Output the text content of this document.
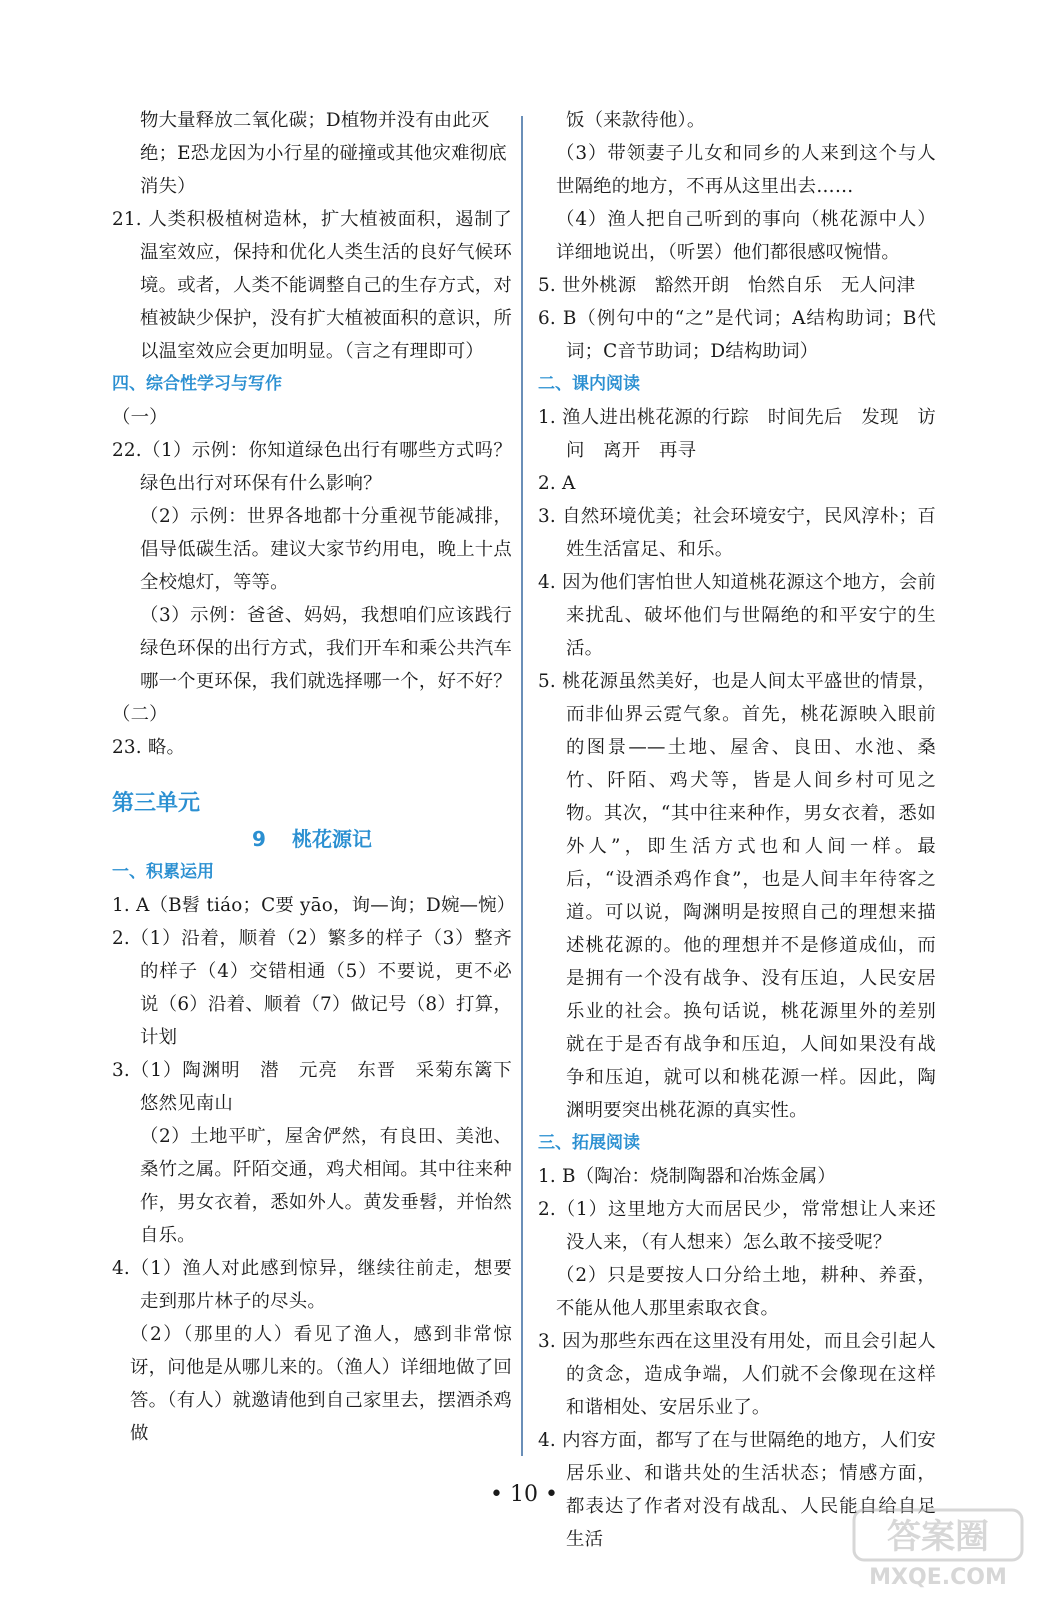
物大量释放二氧化碳；D植物并没有由此灭
绝；E恐龙因为小行星的碰撞或其他灾难彻底
消失）
21. 人类积极植树造林，扩大植被面积，遏制了温室效应，保持和优化人类生活的良好气候环境。或者，人类不能调整自己的生存方式，对植被缺少保护，没有扩大植被面积的意识，所以温室效应会更加明显。（言之有理即可）
四、综合性学习与写作
（一）
22.（1）示例：你知道绿色出行有哪些方式吗？绿色出行对环保有什么影响？
（2）示例：世界各地都十分重视节能减排，倡导低碳生活。建议大家节约用电，晚上十点全校熄灯，等等。
（3）示例：爸爸、妈妈，我想咱们应该践行绿色环保的出行方式，我们开车和乘公共汽车哪一个更环保，我们就选择哪一个，好不好？
（二）
23. 略。
第三单元
9 桃花源记
一、积累运用
1. A（B髫 tiáo；C要 yāo，询—询；D婉—惋）
2.（1）沿着，顺着（2）繁多的样子（3）整齐的样子（4）交错相通（5）不要说，更不必说（6）沿着、顺着（7）做记号（8）打算，计划
3.（1）陶渊明　潜　元亮　东晋　采菊东篱下　悠然见南山
（2）土地平旷，屋舍俨然，有良田、美池、桑竹之属。阡陌交通，鸡犬相闻。其中往来种作，男女衣着，悉如外人。黄发垂髫，并怡然自乐。
4.（1）渔人对此感到惊异，继续往前走，想要走到那片林子的尽头。
（2）（那里的人）看见了渔人，感到非常惊讶，问他是从哪儿来的。（渔人）详细地做了回答。（有人）就邀请他到自己家里去，摆酒杀鸡做
饭（来款待他）。
（3）带领妻子儿女和同乡的人来到这个与人世隔绝的地方，不再从这里出去……
（4）渔人把自己听到的事向（桃花源中人）详细地说出，（听罢）他们都很感叹惋惜。
5. 世外桃源　豁然开朗　怡然自乐　无人问津
6. B（例句中的“之”是代词；A结构助词；B代词；C音节助词；D结构助词）
二、课内阅读
1. 渔人进出桃花源的行踪　时间先后　发现　访问　离开　再寻
2. A
3. 自然环境优美；社会环境安宁，民风淳朴；百姓生活富足、和乐。
4. 因为他们害怕世人知道桃花源这个地方，会前来扰乱、破坏他们与世隔绝的和平安宁的生活。
5. 桃花源虽然美好，也是人间太平盛世的情景，而非仙界云霓气象。首先，桃花源映入眼前的图景——土地、屋舍、良田、水池、桑竹、阡陌、鸡犬等，皆是人间乡村可见之物。其次，“其中往来种作，男女衣着，悉如外人”，即生活方式也和人间一样。最后，“设酒杀鸡作食”，也是人间丰年待客之道。可以说，陶渊明是按照自己的理想来描述桃花源的。他的理想并不是修道成仙，而是拥有一个没有战争、没有压迫，人民安居乐业的社会。换句话说，桃花源里外的差别就在于是否有战争和压迫，人间如果没有战争和压迫，就可以和桃花源一样。因此，陶渊明要突出桃花源的真实性。
三、拓展阅读
1. B（陶冶：烧制陶器和冶炼金属）
2.（1）这里地方大而居民少，常常想让人来还没人来，（有人想来）怎么敢不接受呢？
（2）只是要按人口分给土地，耕种、养蚕，不能从他人那里索取衣食。
3. 因为那些东西在这里没有用处，而且会引起人的贪念，造成争端，人们就不会像现在这样和谐相处、安居乐业了。
4. 内容方面，都写了在与世隔绝的地方，人们安居乐业、和谐共处的生活状态；情感方面，都表达了作者对没有战乱、人民能自给自足生活
• 10 •
答案圈
MXQE.COM
